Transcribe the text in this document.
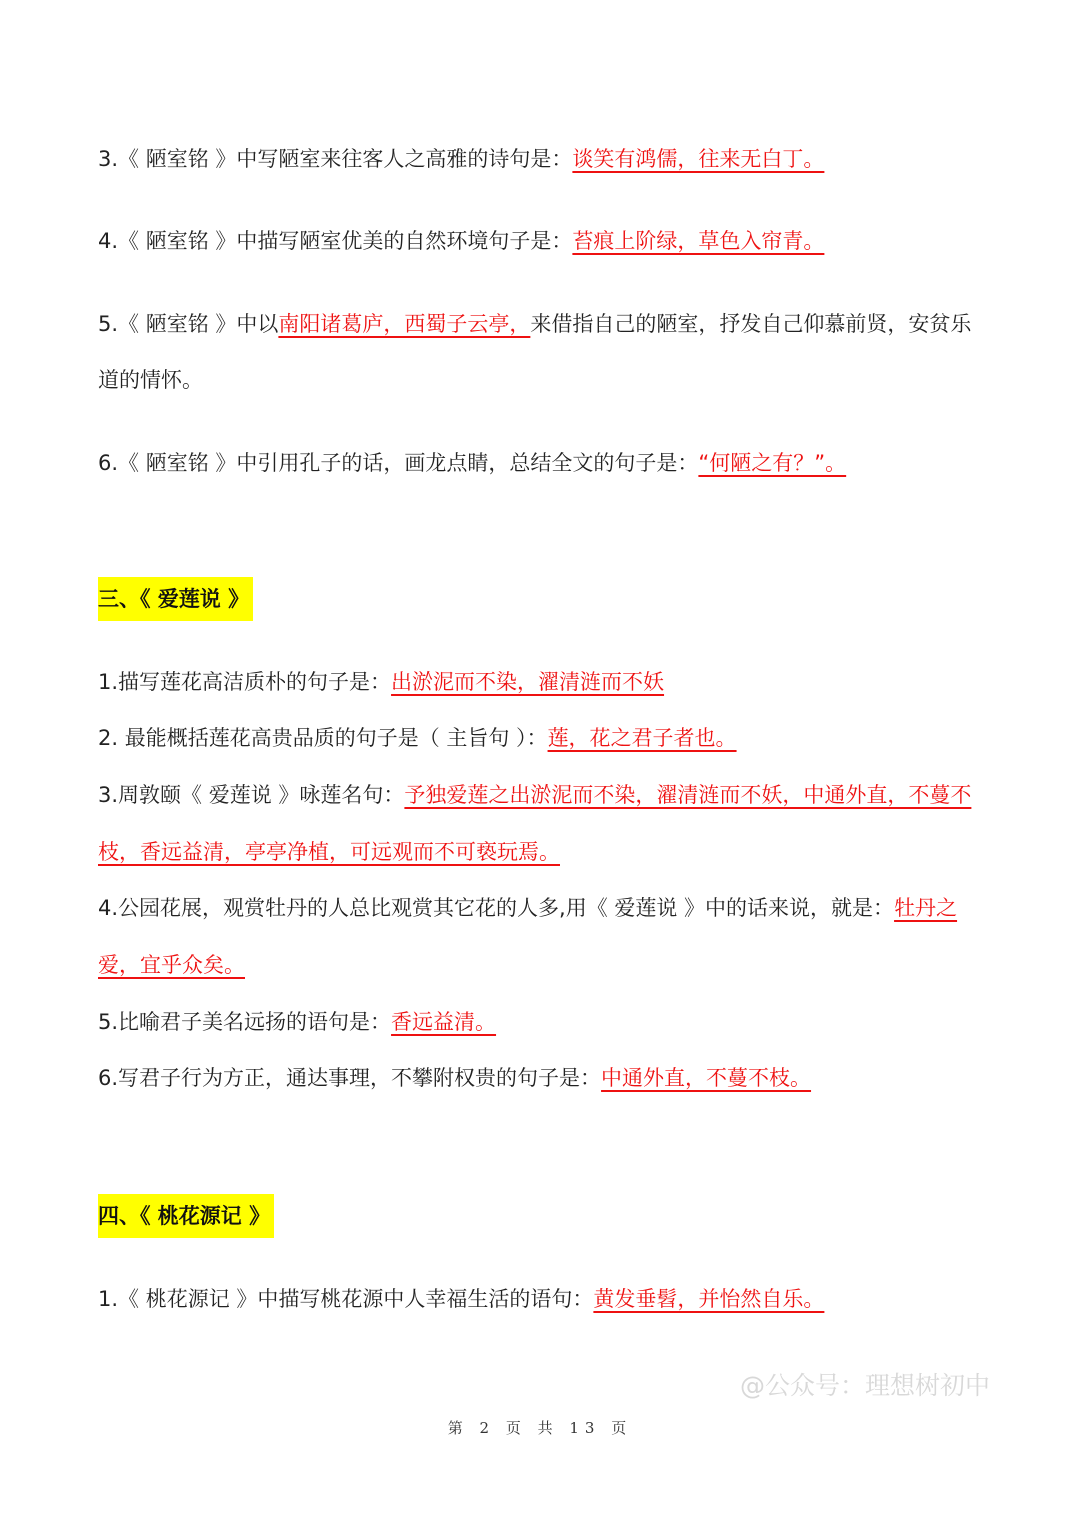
3.《 陋室铭 》中写陋室来往客人之高雅的诗句是：谈笑有鸿儒，往来无白丁。
4.《 陋室铭 》中描写陋室优美的自然环境句子是：苔痕上阶绿，草色入帘青。
5.《 陋室铭 》中以南阳诸葛庐，西蜀子云亭，来借指自己的陋室，抒发自己仰慕前贤，安贫乐
道的情怀。
6.《 陋室铭 》中引用孔子的话，画龙点睛，总结全文的句子是：“何陋之有？”。
三、《 爱莲说 》
1.描写莲花高洁质朴的句子是：出淤泥而不染，濯清涟而不妖
2. 最能概括莲花高贵品质的句子是（ 主旨句 ）：莲，花之君子者也。
3.周敦颐《 爱莲说 》咏莲名句：予独爱莲之出淤泥而不染，濯清涟而不妖，中通外直，不蔓不
枝，香远益清，亭亭净植，可远观而不可亵玩焉。
4.公园花展，观赏牡丹的人总比观赏其它花的人多,用《 爱莲说 》中的话来说，就是：牡丹之
爱，宜乎众矣。
5.比喻君子美名远扬的语句是：香远益清。
6.写君子行为方正，通达事理，不攀附权贵的句子是：中通外直，不蔓不枝。
四、《 桃花源记 》
1.《 桃花源记 》中描写桃花源中人幸福生活的语句：黄发垂髫，并怡然自乐。
@公众号：理想树初中
第 2 页 共 13 页
